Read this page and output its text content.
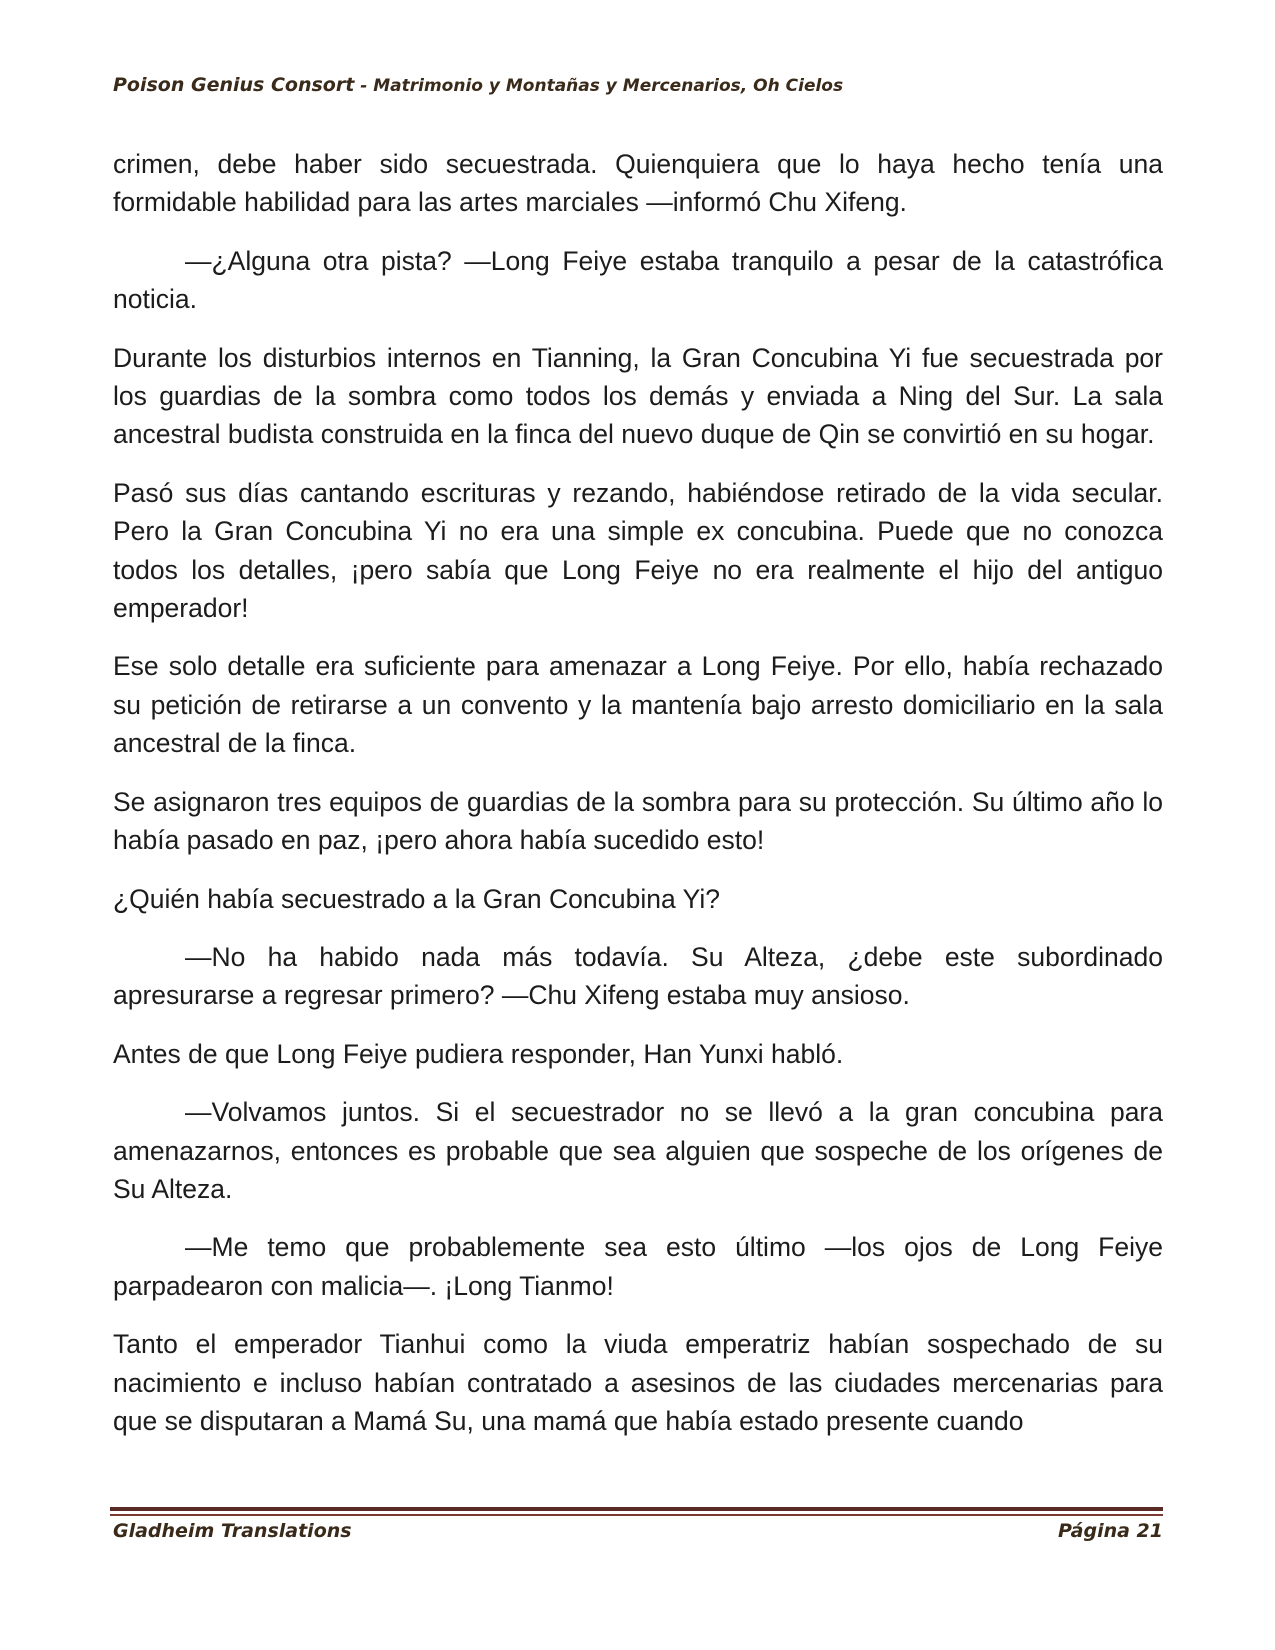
Poison Genius Consort - Matrimonio y Montañas y Mercenarios, Oh Cielos

crimen, debe haber sido secuestrada. Quienquiera que lo haya hecho tenía una formidable habilidad para las artes marciales —informó Chu Xifeng.

—¿Alguna otra pista? —Long Feiye estaba tranquilo a pesar de la catastrófica noticia.

Durante los disturbios internos en Tianning, la Gran Concubina Yi fue secuestrada por los guardias de la sombra como todos los demás y enviada a Ning del Sur. La sala ancestral budista construida en la finca del nuevo duque de Qin se convirtió en su hogar.

Pasó sus días cantando escrituras y rezando, habiéndose retirado de la vida secular. Pero la Gran Concubina Yi no era una simple ex concubina. Puede que no conozca todos los detalles, ¡pero sabía que Long Feiye no era realmente el hijo del antiguo emperador!

Ese solo detalle era suficiente para amenazar a Long Feiye. Por ello, había rechazado su petición de retirarse a un convento y la mantenía bajo arresto domiciliario en la sala ancestral de la finca.

Se asignaron tres equipos de guardias de la sombra para su protección. Su último año lo había pasado en paz, ¡pero ahora había sucedido esto!

¿Quién había secuestrado a la Gran Concubina Yi?

—No ha habido nada más todavía. Su Alteza, ¿debe este subordinado apresurarse a regresar primero? —Chu Xifeng estaba muy ansioso.

Antes de que Long Feiye pudiera responder, Han Yunxi habló.

—Volvamos juntos. Si el secuestrador no se llevó a la gran concubina para amenazarnos, entonces es probable que sea alguien que sospeche de los orígenes de Su Alteza.

—Me temo que probablemente sea esto último —los ojos de Long Feiye parpadearon con malicia—. ¡Long Tianmo!

Tanto el emperador Tianhui como la viuda emperatriz habían sospechado de su nacimiento e incluso habían contratado a asesinos de las ciudades mercenarias para que se disputaran a Mamá Su, una mamá que había estado presente cuando

Gladheim Translations	Página 21
